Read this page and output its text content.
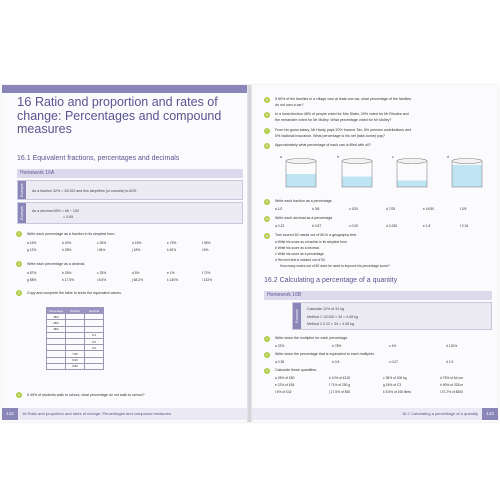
16 Ratio and proportion and rates of change: Percentages and compound measures
16.1 Equivalent fractions, percentages and decimals
Homework 16A
Example As a fraction 32% = 32/100 and this simplifies (or cancels) to 8/25
Example As a decimal 65% = 65 ÷ 100
= 0.65
1	Write each percentage as a fraction in its simplest form.
a 16%	b 40%	c 25%	d 15%	e 75%	f 35%
g 12%	h 28%	i 36%	j 18%	k 62%	l 6%
2	Write each percentage as a decimal.
a 87%	b 25%	c 33%	d 5%	e 1%	f 72%
g 58%	h 17.5%	i 8.5%	j 68.2%	k 130%	l 132%
3	Copy and complete the table to show the equivalent values.
Percentage	Fraction	Decimal
18%		
28%		
38%		
		0.4
		0.5
		0.6
	7/25	
	9/10	
	9/20	
4	If 45% of students walk to school, what percentage do not walk to school?
142	16 Ratio and proportion and rates of change: Percentages and compound measures
5	If 60% of the families in a village own at least one car, what percentage of the families
do not own a car?
6	In a local election 48% of people voted for Mrs Slater, 29% voted for Mr Rhodes and
the remainder voted for Mr Mulley. What percentage voted for Mr Mulley?
7	From his gross salary, Mr Hardy pays 20% Income Tax, 6% pension contributions and
5% National Insurance. What percentage is his net (take-home) pay?
8	Approximately what percentage of each can is filled with oil?
a	b	c	d
9	Write each fraction as a percentage.
a 1/2	b 3/8	c 3/20	d 7/25	e 41/50	f 2/5
10 Write each decimal as a percentage.
a 0.23	b 0.87	c 0.09	d 0.235	e 1.8	f 2.34
11	Tom scored 60 marks out of 80 in a geography test.
a Write his score as a fraction in its simplest form.
b Write his score as a decimal.
c Write his score as a percentage.
d His next test is marked out of 50.
How many marks out of 50 does he need to improve his percentage score?
16.2 Calculating a percentage of a quantity
Homework 16B
Example
Calculate 12% of 34 kg.
Method 1 12/100 × 34 = 4.08 kg
Method 2 0.12 × 34 = 4.08 kg
1	Write down the multiplier for each percentage.
a 22%	b 78%	c 4%	d 120%
2	Write down the percentage that is equivalent to each multiplier.
a 0.38	b 0.8	c 0.07	d 1.5
3	Calculate these quantities.
a 25% of £80	b 10% of £120	c 35% of 400 kg	d 75% of 64 cm
e 22% of £84	f 71% of 250 g	g 24% of C3	h 90% of 328 m
i 6% of £42	j 17.5% of £56	k 8.5% of 160 litres	l 37.2% of £800
16.2 Calculating a percentage of a quantity	143
